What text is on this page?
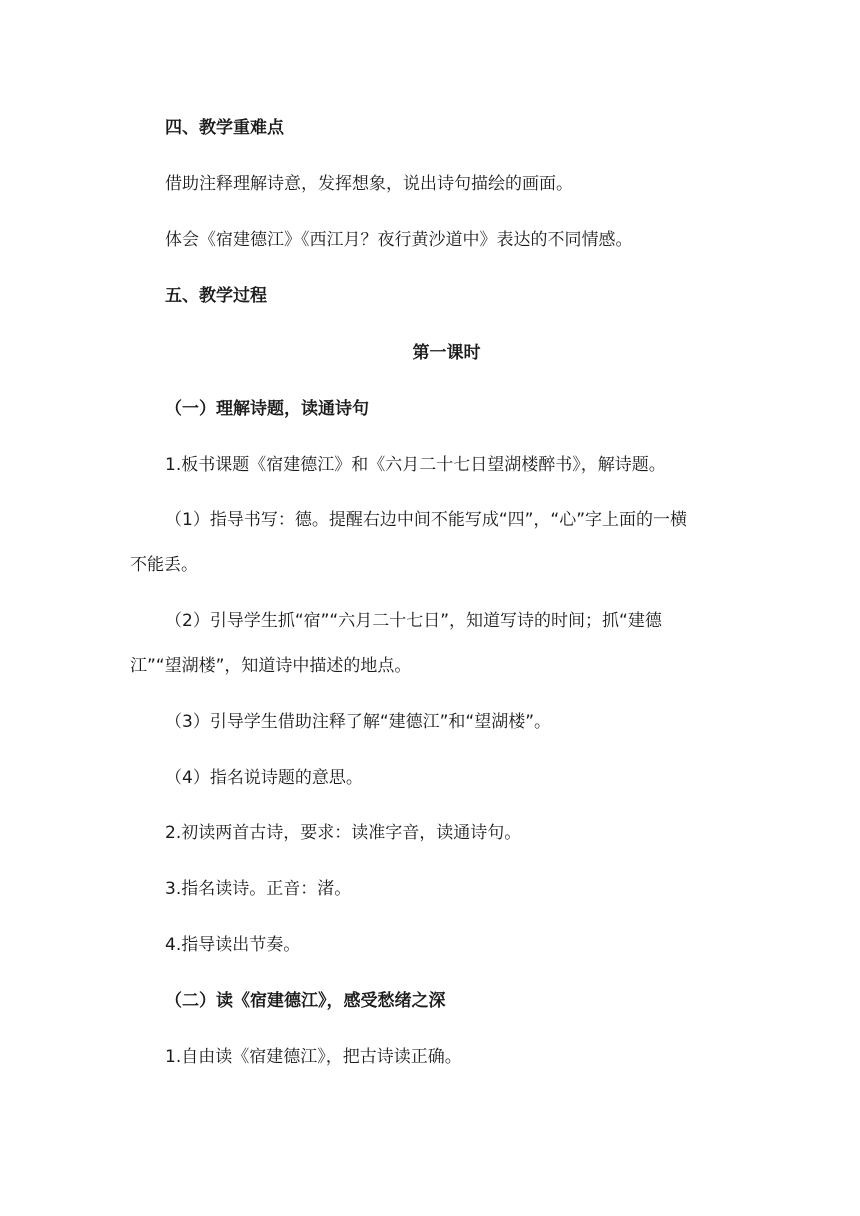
四、教学重难点
借助注释理解诗意，发挥想象，说出诗句描绘的画面。
体会《宿建德江》《西江月？夜行黄沙道中》表达的不同情感。
五、教学过程
第一课时
（一）理解诗题，读通诗句
1.板书课题《宿建德江》和《六月二十七日望湖楼醉书》，解诗题。
（1）指导书写：德。提醒右边中间不能写成“四”，“心”字上面的一横
不能丢。
（2）引导学生抓“宿”“六月二十七日”，知道写诗的时间；抓“建德
江”“望湖楼”，知道诗中描述的地点。
（3）引导学生借助注释了解“建德江”和“望湖楼”。
（4）指名说诗题的意思。
2.初读两首古诗，要求：读准字音，读通诗句。
3.指名读诗。正音：渚。
4.指导读出节奏。
（二）读《宿建德江》，感受愁绪之深
1.自由读《宿建德江》，把古诗读正确。
